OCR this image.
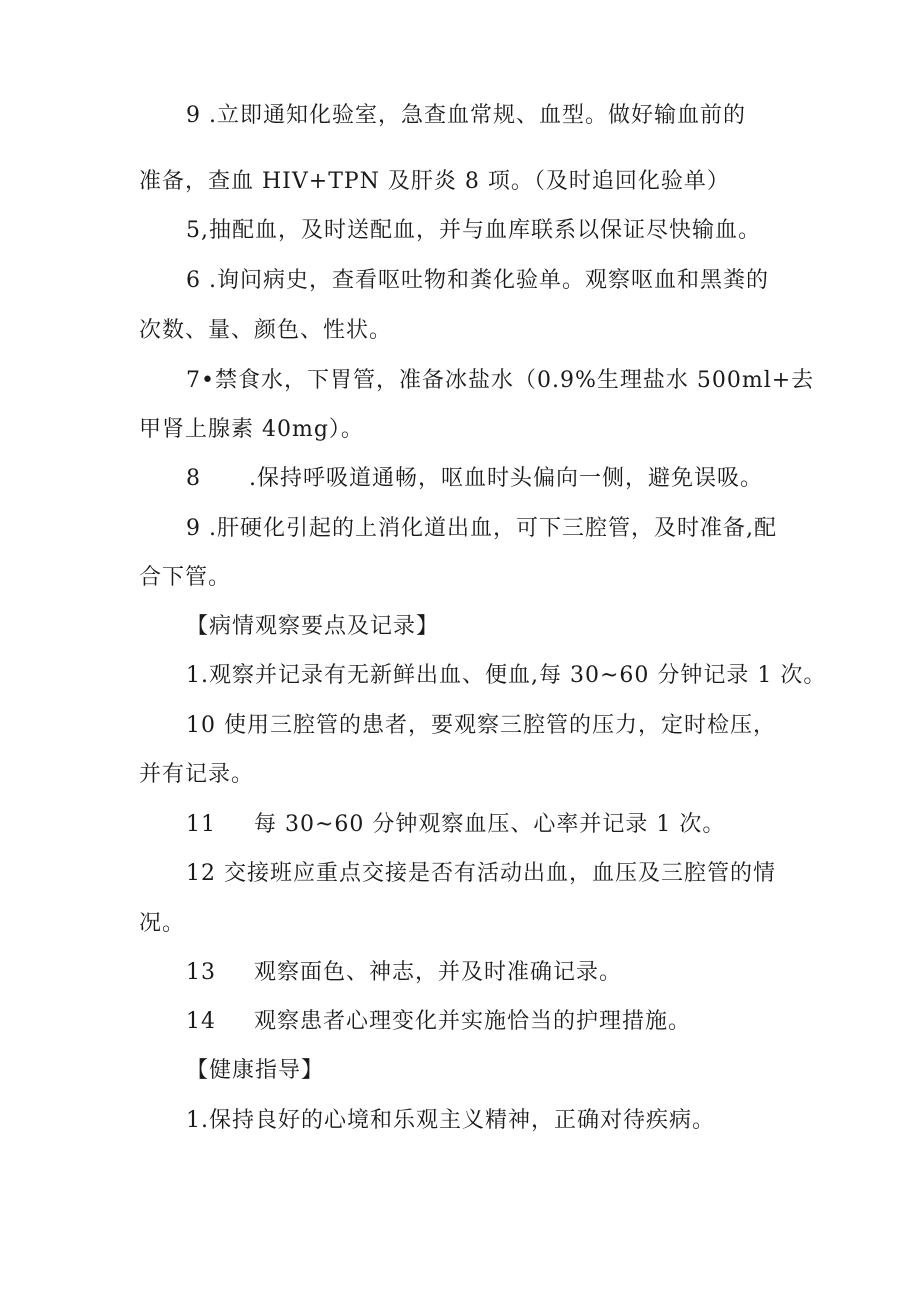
9 .立即通知化验室，急查血常规、血型。做好输血前的
准备，查血 HIV+TPN 及肝炎 8 项。（及时追回化验单）
5,抽配血，及时送配血，并与血库联系以保证尽快输血。
6 .询问病史，查看呕吐物和粪化验单。观察呕血和黑粪的
次数、量、颜色、性状。
7•禁食水，下胃管，准备冰盐水（0.9%生理盐水 500ml+去
甲肾上腺素 40mg）。
8 .保持呼吸道通畅，呕血时头偏向一侧，避免误吸。
9 .肝硬化引起的上消化道出血，可下三腔管，及时准备,配
合下管。
【病情观察要点及记录】
1.观察并记录有无新鲜出血、便血,每 30~60 分钟记录 1 次。
10 使用三腔管的患者，要观察三腔管的压力，定时检压，
并有记录。
11 每 30~60 分钟观察血压、心率并记录 1 次。
12 交接班应重点交接是否有活动出血，血压及三腔管的情
况。
13 观察面色、神志，并及时准确记录。
14 观察患者心理变化并实施恰当的护理措施。
【健康指导】
1.保持良好的心境和乐观主义精神，正确对待疾病。
